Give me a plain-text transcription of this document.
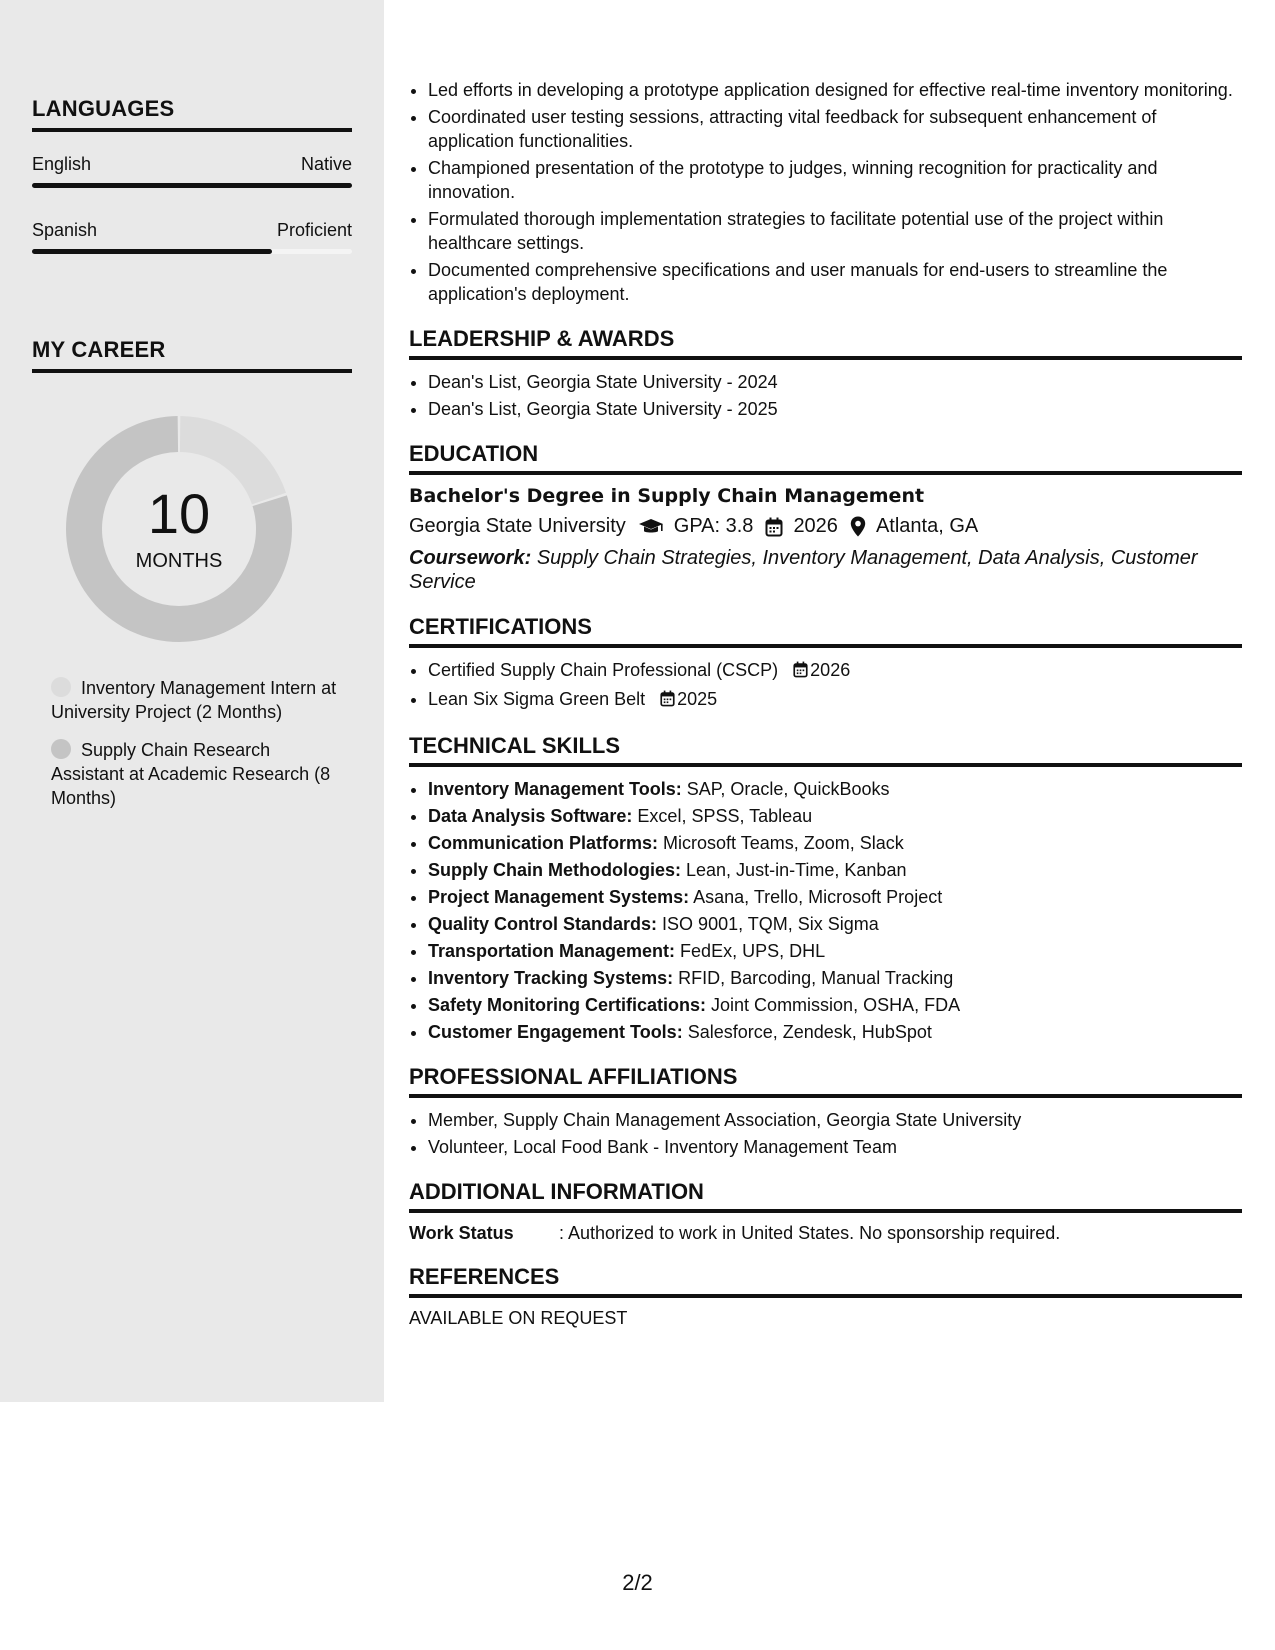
LANGUAGES
English	Native
Spanish	Proficient
MY CAREER
10
MONTHS
Inventory Management Intern at University Project (2 Months)
Supply Chain Research Assistant at Academic Research (8 Months)
• Led efforts in developing a prototype application designed for effective real-time inventory monitoring.
• Coordinated user testing sessions, attracting vital feedback for subsequent enhancement of application functionalities.
• Championed presentation of the prototype to judges, winning recognition for practicality and innovation.
• Formulated thorough implementation strategies to facilitate potential use of the project within healthcare settings.
• Documented comprehensive specifications and user manuals for end-users to streamline the application's deployment.
LEADERSHIP & AWARDS
• Dean's List, Georgia State University - 2024
• Dean's List, Georgia State University - 2025
EDUCATION
Bachelor's Degree in Supply Chain Management
Georgia State University GPA: 3.8 2026 Atlanta, GA
Coursework: Supply Chain Strategies, Inventory Management, Data Analysis, Customer Service
CERTIFICATIONS
• Certified Supply Chain Professional (CSCP) 2026
• Lean Six Sigma Green Belt 2025
TECHNICAL SKILLS
• Inventory Management Tools: SAP, Oracle, QuickBooks
• Data Analysis Software: Excel, SPSS, Tableau
• Communication Platforms: Microsoft Teams, Zoom, Slack
• Supply Chain Methodologies: Lean, Just-in-Time, Kanban
• Project Management Systems: Asana, Trello, Microsoft Project
• Quality Control Standards: ISO 9001, TQM, Six Sigma
• Transportation Management: FedEx, UPS, DHL
• Inventory Tracking Systems: RFID, Barcoding, Manual Tracking
• Safety Monitoring Certifications: Joint Commission, OSHA, FDA
• Customer Engagement Tools: Salesforce, Zendesk, HubSpot
PROFESSIONAL AFFILIATIONS
• Member, Supply Chain Management Association, Georgia State University
• Volunteer, Local Food Bank - Inventory Management Team
ADDITIONAL INFORMATION
Work Status	: Authorized to work in United States. No sponsorship required.
REFERENCES
AVAILABLE ON REQUEST
2/2
